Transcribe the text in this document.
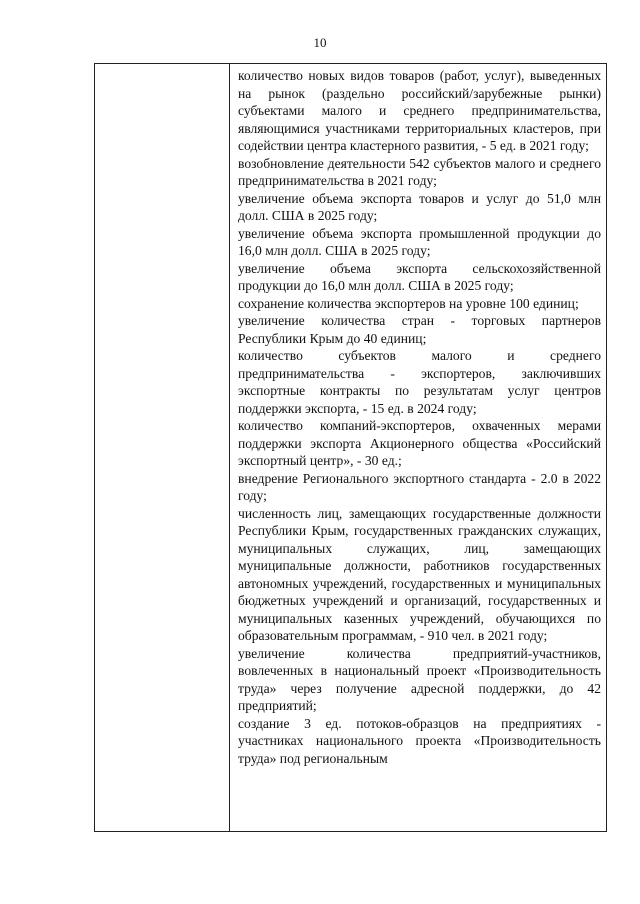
10

количество новых видов товаров (работ, услуг), выведенных на рынок (раздельно российский/зарубежные рынки) субъектами малого и среднего предпринимательства, являющимися участниками территориальных кластеров, при содействии центра кластерного развития, - 5 ед. в 2021 году;

возобновление деятельности 542 субъектов малого и среднего предпринимательства в 2021 году;

увеличение объема экспорта товаров и услуг до 51,0 млн долл. США в 2025 году;

увеличение объема экспорта промышленной продукции до 16,0 млн долл. США в 2025 году;

увеличение объема экспорта сельскохозяйственной продукции до 16,0 млн долл. США в 2025 году;

сохранение количества экспортеров на уровне 100 единиц;

увеличение количества стран - торговых партнеров Республики Крым до 40 единиц;

количество субъектов малого и среднего предпринимательства - экспортеров, заключивших экспортные контракты по результатам услуг центров поддержки экспорта, - 15 ед. в 2024 году;

количество компаний-экспортеров, охваченных мерами поддержки экспорта Акционерного общества «Российский экспортный центр», - 30 ед.;

внедрение Регионального экспортного стандарта - 2.0 в 2022 году;

численность лиц, замещающих государственные должности Республики Крым, государственных гражданских служащих, муниципальных служащих, лиц, замещающих муниципальные должности, работников государственных автономных учреждений, государственных и муниципальных бюджетных учреждений и организаций, государственных и муниципальных казенных учреждений, обучающихся по образовательным программам, - 910 чел. в 2021 году;

увеличение количества предприятий-участников, вовлеченных в национальный проект «Производительность труда» через получение адресной поддержки, до 42 предприятий;

создание 3 ед. потоков-образцов на предприятиях - участниках национального проекта «Производительность труда» под региональным
